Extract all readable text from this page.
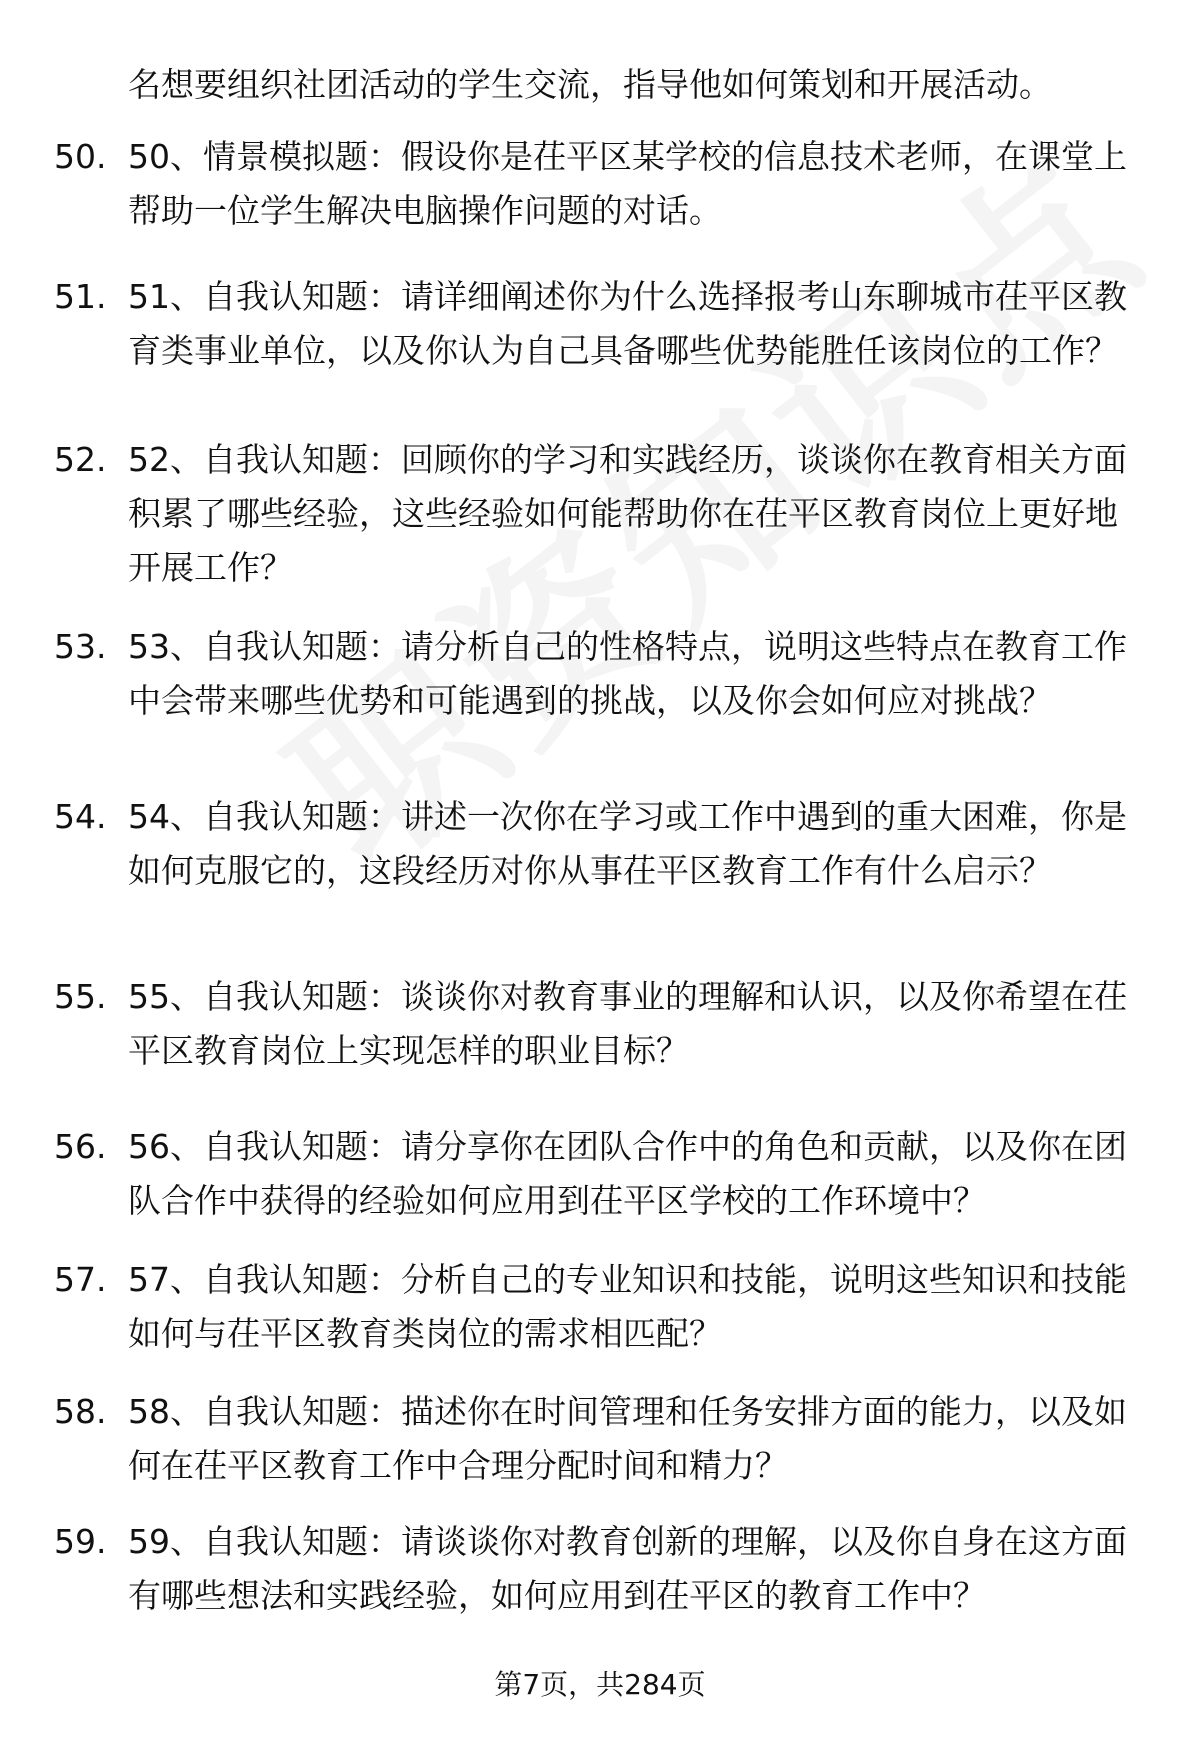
名想要组织社团活动的学生交流，指导他如何策划和开展活动。
50. 50、情景模拟题：假设你是茌平区某学校的信息技术老师，在课堂上帮助一位学生解决电脑操作问题的对话。
51. 51、自我认知题：请详细阐述你为什么选择报考山东聊城市茌平区教育类事业单位，以及你认为自己具备哪些优势能胜任该岗位的工作？
52. 52、自我认知题：回顾你的学习和实践经历，谈谈你在教育相关方面积累了哪些经验，这些经验如何能帮助你在茌平区教育岗位上更好地开展工作？
53. 53、自我认知题：请分析自己的性格特点，说明这些特点在教育工作中会带来哪些优势和可能遇到的挑战，以及你会如何应对挑战？
54. 54、自我认知题：讲述一次你在学习或工作中遇到的重大困难，你是如何克服它的，这段经历对你从事茌平区教育工作有什么启示？
55. 55、自我认知题：谈谈你对教育事业的理解和认识，以及你希望在茌平区教育岗位上实现怎样的职业目标？
56. 56、自我认知题：请分享你在团队合作中的角色和贡献，以及你在团队合作中获得的经验如何应用到茌平区学校的工作环境中？
57. 57、自我认知题：分析自己的专业知识和技能，说明这些知识和技能如何与茌平区教育类岗位的需求相匹配？
58. 58、自我认知题：描述你在时间管理和任务安排方面的能力，以及如何在茌平区教育工作中合理分配时间和精力？
59. 59、自我认知题：请谈谈你对教育创新的理解，以及你自身在这方面有哪些想法和实践经验，如何应用到茌平区的教育工作中？
第7页，共284页
